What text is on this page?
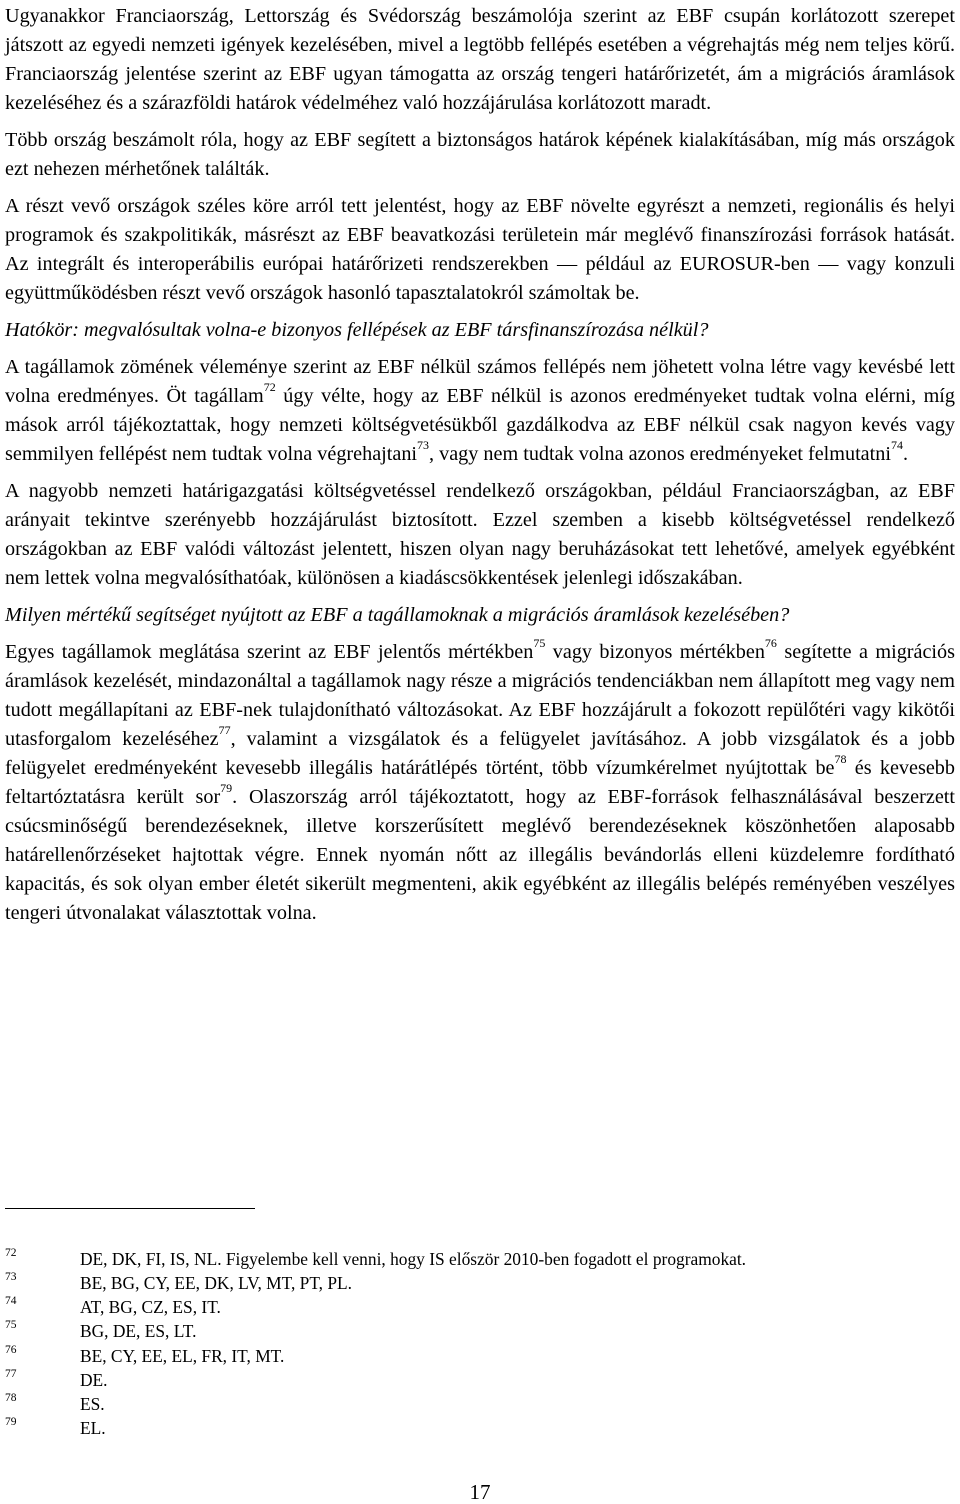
Ugyanakkor Franciaország, Lettország és Svédország beszámolója szerint az EBF csupán korlátozott szerepet játszott az egyedi nemzeti igények kezelésében, mivel a legtöbb fellépés esetében a végrehajtás még nem teljes körű. Franciaország jelentése szerint az EBF ugyan támogatta az ország tengeri határőrizetét, ám a migrációs áramlások kezeléséhez és a szárazföldi határok védelméhez való hozzájárulása korlátozott maradt.

Több ország beszámolt róla, hogy az EBF segített a biztonságos határok képének kialakításában, míg más országok ezt nehezen mérhetőnek találták.

A részt vevő országok széles köre arról tett jelentést, hogy az EBF növelte egyrészt a nemzeti, regionális és helyi programok és szakpolitikák, másrészt az EBF beavatkozási területein már meglévő finanszírozási források hatását. Az integrált és interoperábilis európai határőrizeti rendszerekben — például az EUROSUR-ben — vagy konzuli együttműködésben részt vevő országok hasonló tapasztalatokról számoltak be.

Hatókör: megvalósultak volna-e bizonyos fellépések az EBF társfinanszírozása nélkül?

A tagállamok zömének véleménye szerint az EBF nélkül számos fellépés nem jöhetett volna létre vagy kevésbé lett volna eredményes. Öt tagállam$^{72}$ úgy vélte, hogy az EBF nélkül is azonos eredményeket tudtak volna elérni, míg mások arról tájékoztattak, hogy nemzeti költségvetésükből gazdálkodva az EBF nélkül csak nagyon kevés vagy semmilyen fellépést nem tudtak volna végrehajtani$^{73}$, vagy nem tudtak volna azonos eredményeket felmutatni$^{74}$.

A nagyobb nemzeti határigazgatási költségvetéssel rendelkező országokban, például Franciaországban, az EBF arányait tekintve szerényebb hozzájárulást biztosított. Ezzel szemben a kisebb költségvetéssel rendelkező országokban az EBF valódi változást jelentett, hiszen olyan nagy beruházásokat tett lehetővé, amelyek egyébként nem lettek volna megvalósíthatóak, különösen a kiadáscsökkentések jelenlegi időszakában.

Milyen mértékű segítséget nyújtott az EBF a tagállamoknak a migrációs áramlások kezelésében?

Egyes tagállamok meglátása szerint az EBF jelentős mértékben$^{75}$ vagy bizonyos mértékben$^{76}$ segítette a migrációs áramlások kezelését, mindazonáltal a tagállamok nagy része a migrációs tendenciákban nem állapított meg vagy nem tudott megállapítani az EBF-nek tulajdonítható változásokat. Az EBF hozzájárult a fokozott repülőtéri vagy kikötői utasforgalom kezeléséhez$^{77}$, valamint a vizsgálatok és a felügyelet javításához. A jobb vizsgálatok és a jobb felügyelet eredményeként kevesebb illegális határátlépés történt, több vízumkérelmet nyújtottak $be^{78}$ és kevesebb feltartóztatásra került sor$^{79}$. Olaszország arról tájékoztatott, hogy az EBF-források felhasználásával beszerzett csúcsminőségű berendezéseknek, illetve korszerűsített meglévő berendezéseknek köszönhetően alaposabb határellenőrzéseket hajtottak végre. Ennek nyomán nőtt az illegális bevándorlás elleni küzdelemre fordítható kapacitás, és sok olyan ember életét sikerült megmenteni, akik egyébként az illegális belépés reményében veszélyes tengeri útvonalakat választottak volna.

72	DE, DK, FI, IS, NL. Figyelembe kell venni, hogy IS először 2010-ben fogadott el programokat.
73	BE, BG, CY, EE, DK, LV, MT, PT, PL.
74	AT, BG, CZ, ES, IT.
75	BG, DE, ES, LT.
76	BE, CY, EE, EL, FR, IT, MT.
77	DE.
78	ES.
79	EL.
17
